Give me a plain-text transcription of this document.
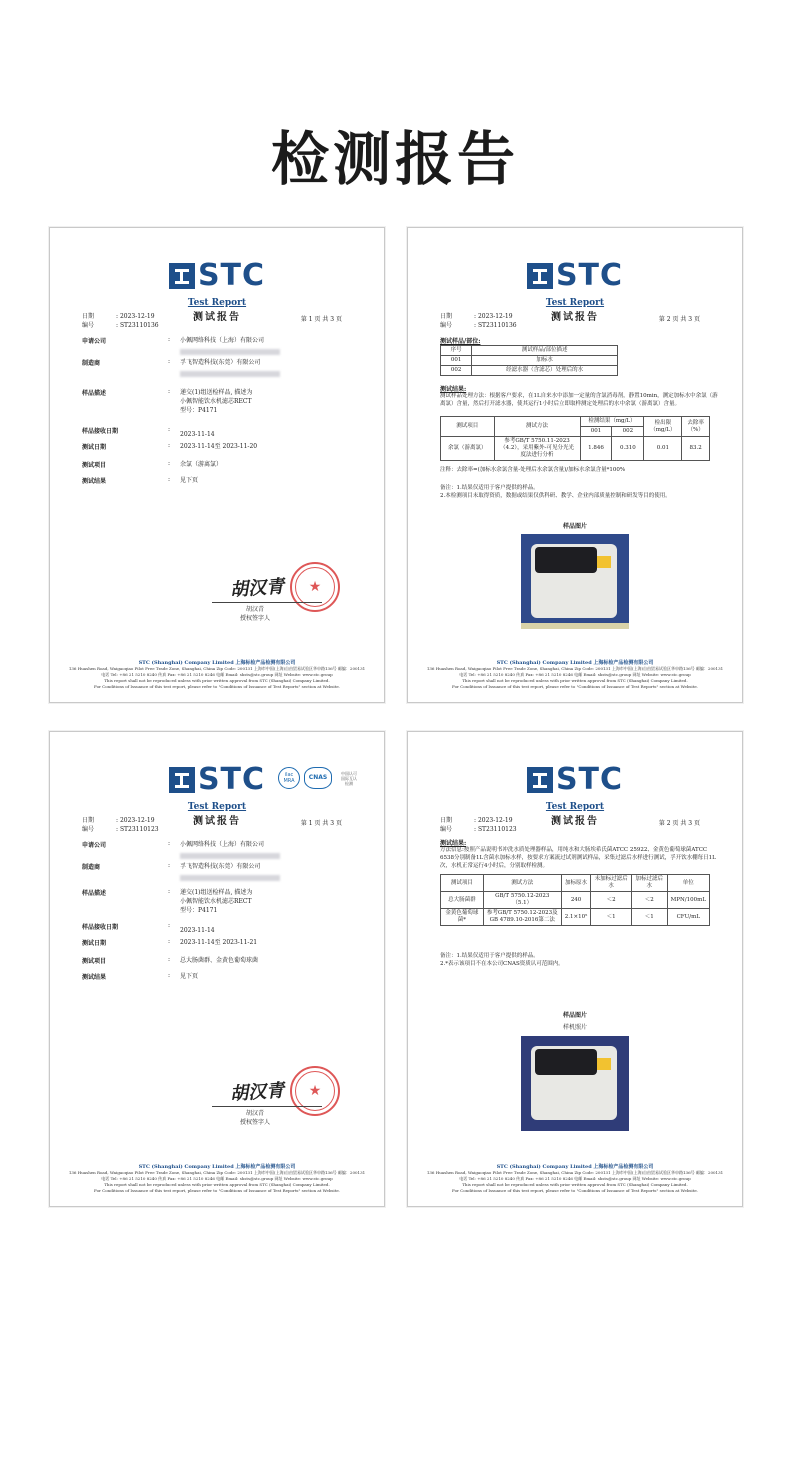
检测报告
STC
Test Report
测试报告
日期	: 2023-12-19
编号	: ST23110136
第 1 页 共 3 页
申请公司	: 小佩网络科技（上海）有限公司
制造商	: 孚飞智造科技(东莞）有限公司
样品描述	: 递交(1)组送检样品, 描述为
小佩智能饮水机滤芯RECT
型号：P4171
样品接收日期	:
2023-11-14
测试日期	: 2023-11-14至 2023-11-20
测试项目	: 余氯（游离氯）
测试结果	: 见下页
胡汉青	★
胡汉青
授权签字人
STC (Shanghai) Company Limited 上海标检产品检测有限公司
136 Huashen Road, Waigaoqiao Pilot Free Trade Zone, Shanghai, China Zip Code: 200131 上海市中国(上海)自由贸易试验区华申路136号 邮编：200131
电话 Tel: +86 21 5210 8240 传真 Fax: +86 21 5210 8246 电邮 Email: shsts@stc.group 网址 Website: www.stc.group
This report shall not be reproduced unless with prior written approval from STC (Shanghai) Company Limited.
For Conditions of Issuance of this test report, please refer to "Conditions of Issuance of Test Reports" section at Website.
STC
Test Report
测试报告
日期	: 2023-12-19
编号	: ST23110136
第 2 页 共 3 页
测试样品/部位:
序号	测试样品/部位描述
001	加标水
002	经滤水器（含滤芯）处理后的水
测试结果:
测试样品处理方法：根据客户要求，在1L自来水中添加一定量的含氯消毒剂，静置10min，测定加标水中余氯（游离氯）含量，然后打开滤水器，使其运行1小时后立即取样测定处理后的水中余氯（游离氯）含量。
测试项目	测试方法	检测结果（mg/L）		检出限
（mg/L）	去除率
（%）
		001	002		
余氯（游离氯）	参考GB/T 5750.11-2023（4.2），采用紫外-可见分光光度法进行分析	1.846	0.310	0.01	83.2
注释：去除率=(加标水余氯含量-处理后水余氯含量)/加标水余氯含量*100%
备注：1.结果仅适用于客户提供的样品。
2.本检测项目未取得资质，数据或结果仅供科研、教学、企业内部质量控制和研发等目的使用。
样品图片
STC (Shanghai) Company Limited 上海标检产品检测有限公司
136 Huashen Road, Waigaoqiao Pilot Free Trade Zone, Shanghai, China Zip Code: 200131 上海市中国(上海)自由贸易试验区华申路136号 邮编：200131
电话 Tel: +86 21 5210 8240 传真 Fax: +86 21 5210 8246 电邮 Email: shsts@stc.group 网址 Website: www.stc.group
This report shall not be reproduced unless with prior written approval from STC (Shanghai) Company Limited.
For Conditions of Issuance of this test report, please refer to "Conditions of Issuance of Test Reports" section at Website.
STC	ilac
MRA	CNAS
中国认可
国际互认
检测
Test Report
测试报告
日期	: 2023-12-19
编号	: ST23110123
第 1 页 共 3 页
申请公司	: 小佩网络科技（上海）有限公司
制造商	: 孚飞智造科技(东莞）有限公司
样品描述	: 递交(1)组送检样品, 描述为
小佩智能饮水机滤芯RECT
型号：P4171
样品接收日期	:
2023-11-14
测试日期	: 2023-11-14至 2023-11-21
测试项目	: 总大肠菌群、金黄色葡萄球菌
测试结果	: 见下页
胡汉青	★
胡汉青
授权签字人
STC (Shanghai) Company Limited 上海标检产品检测有限公司
136 Huashen Road, Waigaoqiao Pilot Free Trade Zone, Shanghai, China Zip Code: 200131 上海市中国(上海)自由贸易试验区华申路136号 邮编：200131
电话 Tel: +86 21 5210 8240 传真 Fax: +86 21 5210 8246 电邮 Email: shsts@stc.group 网址 Website: www.stc.group
This report shall not be reproduced unless with prior written approval from STC (Shanghai) Company Limited.
For Conditions of Issuance of this test report, please refer to "Conditions of Issuance of Test Reports" section at Website.
STC
Test Report
测试报告
日期	: 2023-12-19
编号	: ST23110123
第 2 页 共 3 页
测试结果:
方法信息:按照产品说明书冲洗水质处理器样品，用纯水和大肠埃希氏菌ATCC 25922、金黄色葡萄球菌ATCC 6538分别制备1L含菌水加标水样，按要求方案流过试剂测试样品，采集过滤后水样进行测试，孚开饮水棚每日1L次，水机正常运行4小时后，分别取样检测。
测试项目	测试方法	加标原水	未加标过滤后水	加标过滤后水	单位
总大肠菌群	GB/T 5750.12-2023（5.1）	240	＜2	＜2	MPN/100mL
金黄色葡萄球菌*	参考GB/T 5750.12-2023及GB 4789.10-2016第二法	2.1×10⁵	＜1	＜1	CFU/mL
备注：1.结果仅适用于客户提供的样品。
2.*表示该项目不在本公司CNAS资质认可范围内。
样品图片
样机照片
STC (Shanghai) Company Limited 上海标检产品检测有限公司
136 Huashen Road, Waigaoqiao Pilot Free Trade Zone, Shanghai, China Zip Code: 200131 上海市中国(上海)自由贸易试验区华申路136号 邮编：200131
电话 Tel: +86 21 5210 8240 传真 Fax: +86 21 5210 8246 电邮 Email: shsts@stc.group 网址 Website: www.stc.group
This report shall not be reproduced unless with prior written approval from STC (Shanghai) Company Limited.
For Conditions of Issuance of this test report, please refer to "Conditions of Issuance of Test Reports" section at Website.
